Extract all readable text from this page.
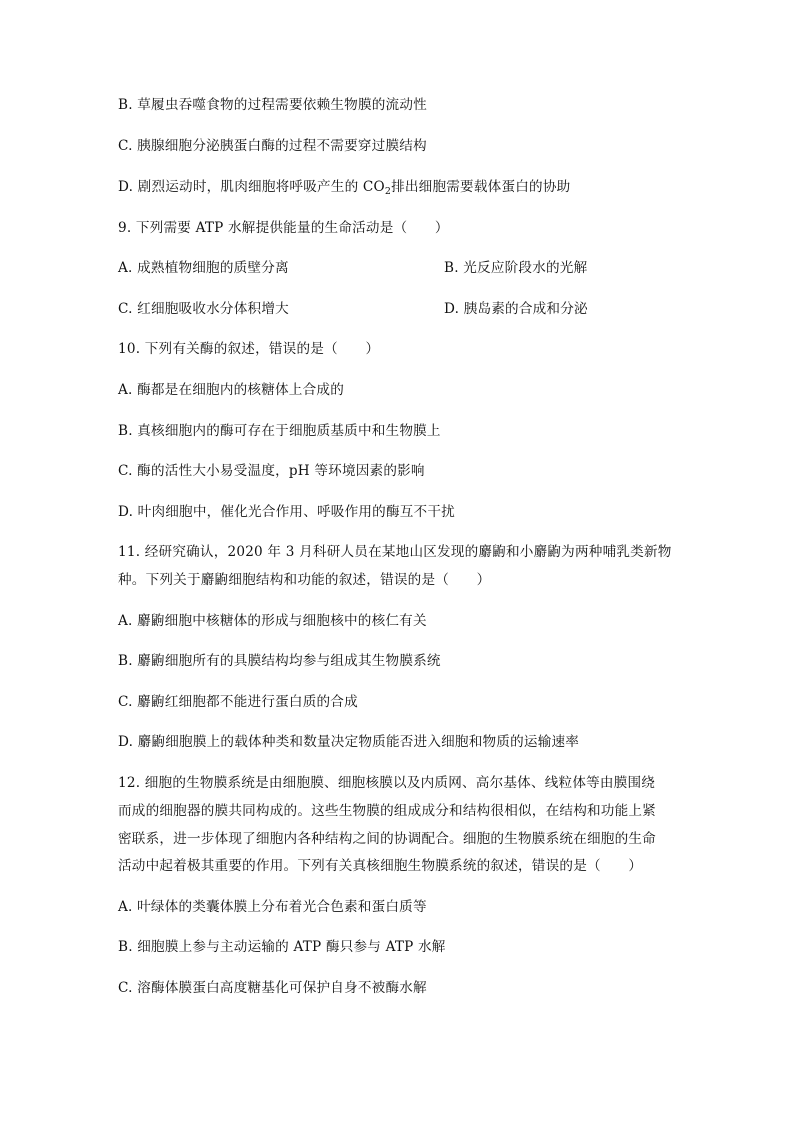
B. 草履虫吞噬食物的过程需要依赖生物膜的流动性
C. 胰腺细胞分泌胰蛋白酶的过程不需要穿过膜结构
D. 剧烈运动时，肌肉细胞将呼吸产生的 $CO_2$排出细胞需要载体蛋白的协助
9. 下列需要 ATP 水解提供能量的生命活动是（　　）
A. 成熟植物细胞的质壁分离	B. 光反应阶段水的光解
C. 红细胞吸收水分体积增大	D. 胰岛素的合成和分泌
10. 下列有关酶的叙述，错误的是（　　）
A. 酶都是在细胞内的核糖体上合成的
B. 真核细胞内的酶可存在于细胞质基质中和生物膜上
C. 酶的活性大小易受温度，pH 等环境因素的影响
D. 叶肉细胞中，催化光合作用、呼吸作用的酶互不干扰
11. 经研究确认，2020 年 3 月科研人员在某地山区发现的麝鼩和小麝鼩为两种哺乳类新物
种。下列关于麝鼩细胞结构和功能的叙述，错误的是（　　）
A. 麝鼩细胞中核糖体的形成与细胞核中的核仁有关
B. 麝鼩细胞所有的具膜结构均参与组成其生物膜系统
C. 麝鼩红细胞都不能进行蛋白质的合成
D. 麝鼩细胞膜上的载体种类和数量决定物质能否进入细胞和物质的运输速率
12. 细胞的生物膜系统是由细胞膜、细胞核膜以及内质网、高尔基体、线粒体等由膜围绕
而成的细胞器的膜共同构成的。这些生物膜的组成成分和结构很相似，在结构和功能上紧
密联系，进一步体现了细胞内各种结构之间的协调配合。细胞的生物膜系统在细胞的生命
活动中起着极其重要的作用。下列有关真核细胞生物膜系统的叙述，错误的是（　　）
A. 叶绿体的类囊体膜上分布着光合色素和蛋白质等
B. 细胞膜上参与主动运输的 ATP 酶只参与 ATP 水解
C. 溶酶体膜蛋白高度糖基化可保护自身不被酶水解
